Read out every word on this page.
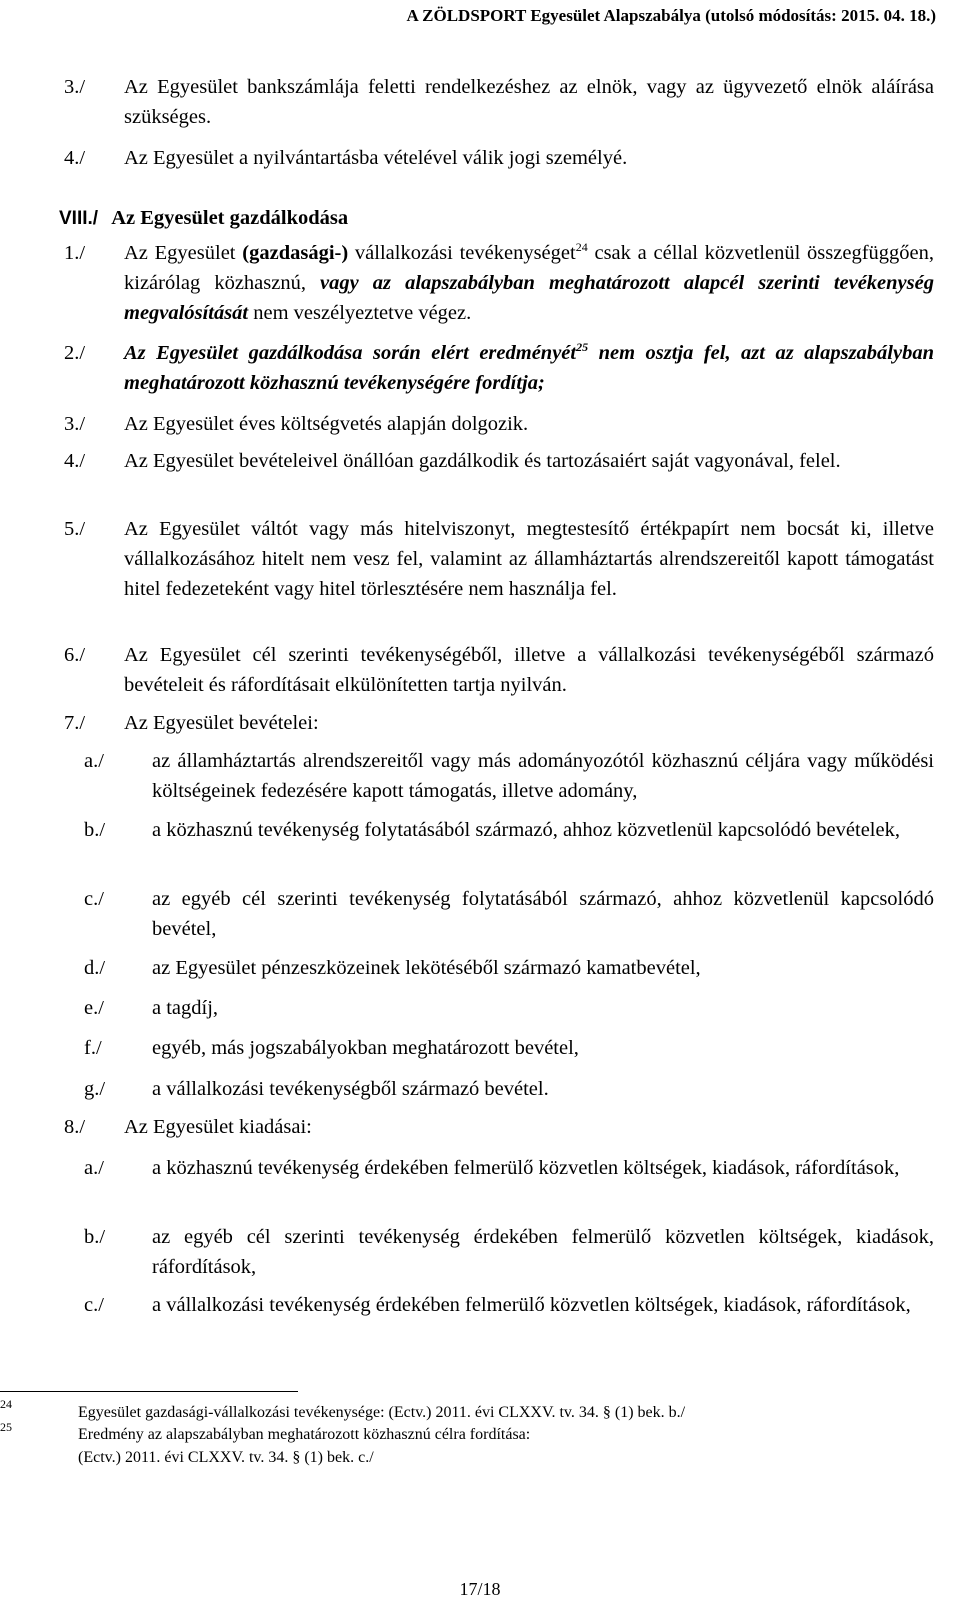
A ZÖLDSPORT Egyesület Alapszabálya (utolsó módosítás: 2015. 04. 18.)
3./ Az Egyesület bankszámlája feletti rendelkezéshez az elnök, vagy az ügyvezető elnök aláírása szükséges.
4./ Az Egyesület a nyilvántartásba vételével válik jogi személyé.
VIII./ Az Egyesület gazdálkodása
1./ Az Egyesület (gazdasági-) vállalkozási tevékenységet$^{24}$ csak a céllal közvetlenül összegfüggően, kizárólag közhasznú, vagy az alapszabályban meghatározott alapcél szerinti tevékenység megvalósítását nem veszélyeztetve végez.
2./ Az Egyesület gazdálkodása során elért eredményét$^{25}$ nem osztja fel, azt az alapszabályban meghatározott közhasznú tevékenységére fordítja;
3./ Az Egyesület éves költségvetés alapján dolgozik.
4./ Az Egyesület bevételeivel önállóan gazdálkodik és tartozásaiért saját vagyonával, felel.
5./ Az Egyesület váltót vagy más hitelviszonyt, megtestesítő értékpapírt nem bocsát ki, illetve vállalkozásához hitelt nem vesz fel, valamint az államháztartás alrendszereitől kapott támogatást hitel fedezeteként vagy hitel törlesztésére nem használja fel.
6./ Az Egyesület cél szerinti tevékenységéből, illetve a vállalkozási tevékenységéből származó bevételeit és ráfordításait elkülönítetten tartja nyilván.
7./ Az Egyesület bevételei:
a./ az államháztartás alrendszereitől vagy más adományozótól közhasznú céljára vagy működési költségeinek fedezésére kapott támogatás, illetve adomány,
b./ a közhasznú tevékenység folytatásából származó, ahhoz közvetlenül kapcsolódó bevételek,
c./ az egyéb cél szerinti tevékenység folytatásából származó, ahhoz közvetlenül kapcsolódó bevétel,
d./ az Egyesület pénzeszközeinek lekötéséből származó kamatbevétel,
e./ a tagdíj,
f./ egyéb, más jogszabályokban meghatározott bevétel,
g./ a vállalkozási tevékenységből származó bevétel.
8./ Az Egyesület kiadásai:
a./ a közhasznú tevékenység érdekében felmerülő közvetlen költségek, kiadások, ráfordítások,
b./ az egyéb cél szerinti tevékenység érdekében felmerülő közvetlen költségek, kiadások, ráfordítások,
c./ a vállalkozási tevékenység érdekében felmerülő közvetlen költségek, kiadások, ráfordítások,
24
25
Egyesület gazdasági-vállalkozási tevékenysége: (Ectv.) 2011. évi CLXXV. tv. 34. § (1) bek. b./
Eredmény az alapszabályban meghatározott közhasznú célra fordítása:
(Ectv.) 2011. évi CLXXV. tv. 34. § (1) bek. c./
17/18
